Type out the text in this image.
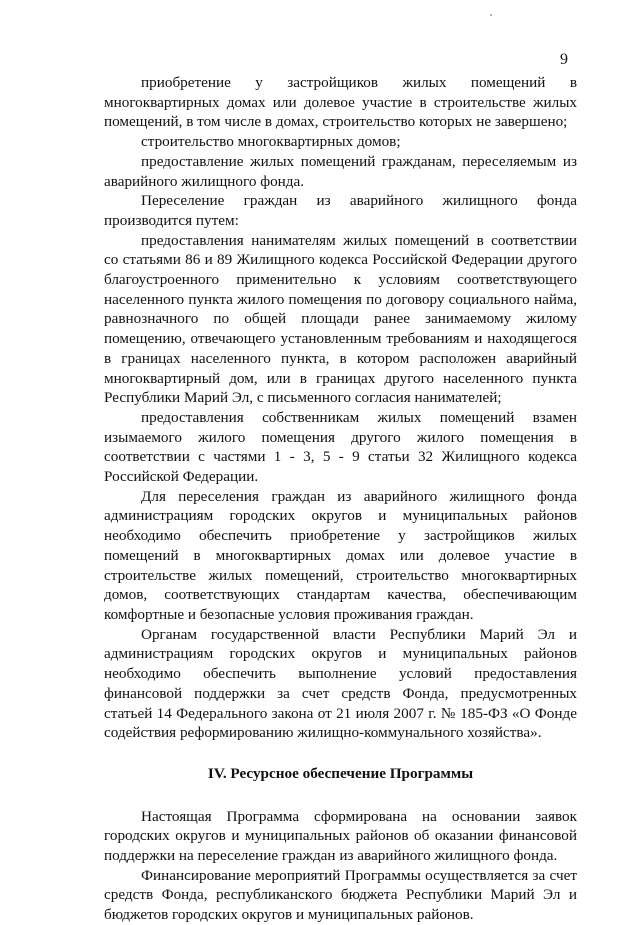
9

приобретение у застройщиков жилых помещений в многоквартирных домах или долевое участие в строительстве жилых помещений, в том числе в домах, строительство которых не завершено;

строительство многоквартирных домов;

предоставление жилых помещений гражданам, переселяемым из аварийного жилищного фонда.

Переселение граждан из аварийного жилищного фонда производится путем:

предоставления нанимателям жилых помещений в соответствии со статьями 86 и 89 Жилищного кодекса Российской Федерации другого благоустроенного применительно к условиям соответствующего населенного пункта жилого помещения по договору социального найма, равнозначного по общей площади ранее занимаемому жилому помещению, отвечающего установленным требованиям и находящегося в границах населенного пункта, в котором расположен аварийный многоквартирный дом, или в границах другого населенного пункта Республики Марий Эл, с письменного согласия нанимателей;

предоставления собственникам жилых помещений взамен изымаемого жилого помещения другого жилого помещения в соответствии с частями 1 - 3, 5 - 9 статьи 32 Жилищного кодекса Российской Федерации.

Для переселения граждан из аварийного жилищного фонда администрациям городских округов и муниципальных районов необходимо обеспечить приобретение у застройщиков жилых помещений в многоквартирных домах или долевое участие в строительстве жилых помещений, строительство многоквартирных домов, соответствующих стандартам качества, обеспечивающим комфортные и безопасные условия проживания граждан.

Органам государственной власти Республики Марий Эл и администрациям городских округов и муниципальных районов необходимо обеспечить выполнение условий предоставления финансовой поддержки за счет средств Фонда, предусмотренных статьей 14 Федерального закона от 21 июля 2007 г. № 185-ФЗ «О Фонде содействия реформированию жилищно-коммунального хозяйства».

IV. Ресурсное обеспечение Программы

Настоящая Программа сформирована на основании заявок городских округов и муниципальных районов об оказании финансовой поддержки на переселение граждан из аварийного жилищного фонда.

Финансирование мероприятий Программы осуществляется за счет средств Фонда, республиканского бюджета Республики Марий Эл и бюджетов городских округов и муниципальных районов.
